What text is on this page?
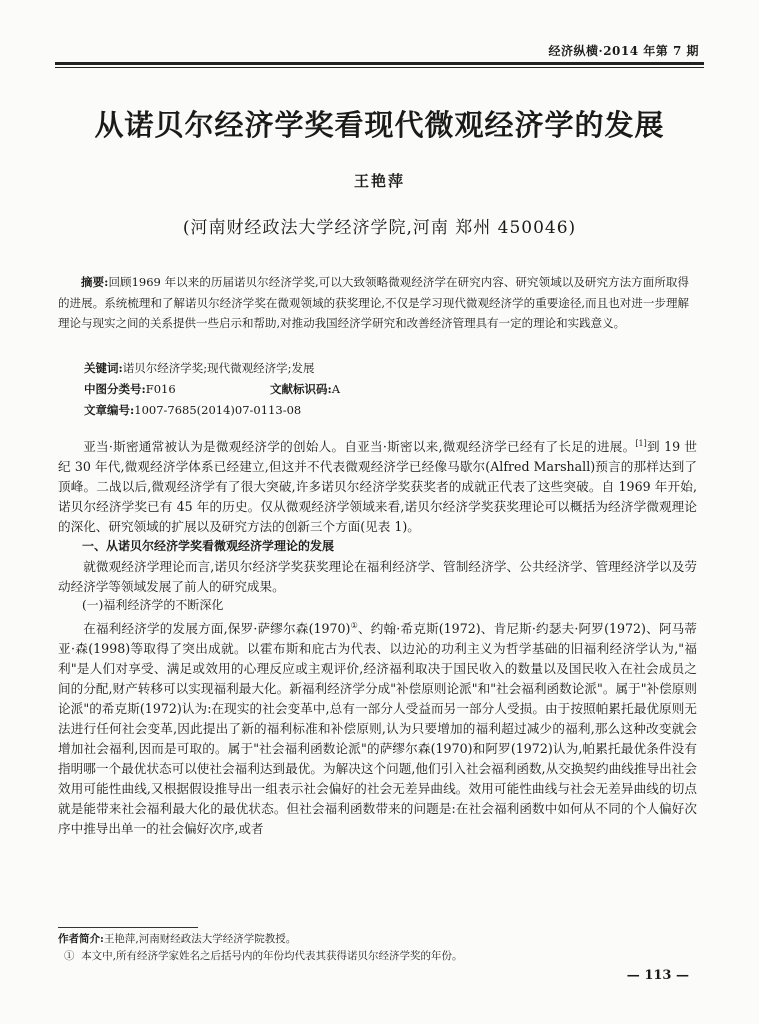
经济纵横·2014 年第 7 期
从诺贝尔经济学奖看现代微观经济学的发展
王艳萍
(河南财经政法大学经济学院,河南 郑州 450046)

摘要:回顾1969 年以来的历届诺贝尔经济学奖,可以大致领略微观经济学在研究内容、研究领域以及研究方法方面所取得的进展。系统梳理和了解诺贝尔经济学奖在微观领域的获奖理论,不仅是学习现代微观经济学的重要途径,而且也对进一步理解理论与现实之间的关系提供一些启示和帮助,对推动我国经济学研究和改善经济管理具有一定的理论和实践意义。

关键词:诺贝尔经济学奖;现代微观经济学;发展
中图分类号:F016	文献标识码:A
文章编号:1007-7685(2014)07-0113-08

亚当·斯密通常被认为是微观经济学的创始人。自亚当·斯密以来,微观经济学已经有了长足的进展。[1]到 19 世纪 30 年代,微观经济学体系已经建立,但这并不代表微观经济学已经像马歇尔(Alfred Marshall)预言的那样达到了顶峰。二战以后,微观经济学有了很大突破,许多诺贝尔经济学奖获奖者的成就正代表了这些突破。自 1969 年开始,诺贝尔经济学奖已有 45 年的历史。仅从微观经济学领域来看,诺贝尔经济学奖获奖理论可以概括为经济学微观理论的深化、研究领域的扩展以及研究方法的创新三个方面(见表 1)。

一、从诺贝尔经济学奖看微观经济学理论的发展

就微观经济学理论而言,诺贝尔经济学奖获奖理论在福利经济学、管制经济学、公共经济学、管理经济学以及劳动经济学等领域发展了前人的研究成果。

(一)福利经济学的不断深化

在福利经济学的发展方面,保罗·萨缪尔森(1970)①、约翰·希克斯(1972)、肯尼斯·约瑟夫·阿罗(1972)、阿马蒂亚·森(1998)等取得了突出成就。以霍布斯和庇古为代表、以边沁的功利主义为哲学基础的旧福利经济学认为,"福利"是人们对享受、满足或效用的心理反应或主观评价,经济福利取决于国民收入的数量以及国民收入在社会成员之间的分配,财产转移可以实现福利最大化。新福利经济学分成"补偿原则论派"和"社会福利函数论派"。属于"补偿原则论派"的希克斯(1972)认为:在现实的社会变革中,总有一部分人受益而另一部分人受损。由于按照帕累托最优原则无法进行任何社会变革,因此提出了新的福利标准和补偿原则,认为只要增加的福利超过减少的福利,那么这种改变就会增加社会福利,因而是可取的。属于"社会福利函数论派"的萨缪尔森(1970)和阿罗(1972)认为,帕累托最优条件没有指明哪一个最优状态可以使社会福利达到最优。为解决这个问题,他们引入社会福利函数,从交换契约曲线推导出社会效用可能性曲线,又根据假设推导出一组表示社会偏好的社会无差异曲线。效用可能性曲线与社会无差异曲线的切点就是能带来社会福利最大化的最优状态。但社会福利函数带来的问题是:在社会福利函数中如何从不同的个人偏好次序中推导出单一的社会偏好次序,或者

作者简介:王艳萍,河南财经政法大学经济学院教授。
① 本文中,所有经济学家姓名之后括号内的年份均代表其获得诺贝尔经济学奖的年份。
— 113 —
